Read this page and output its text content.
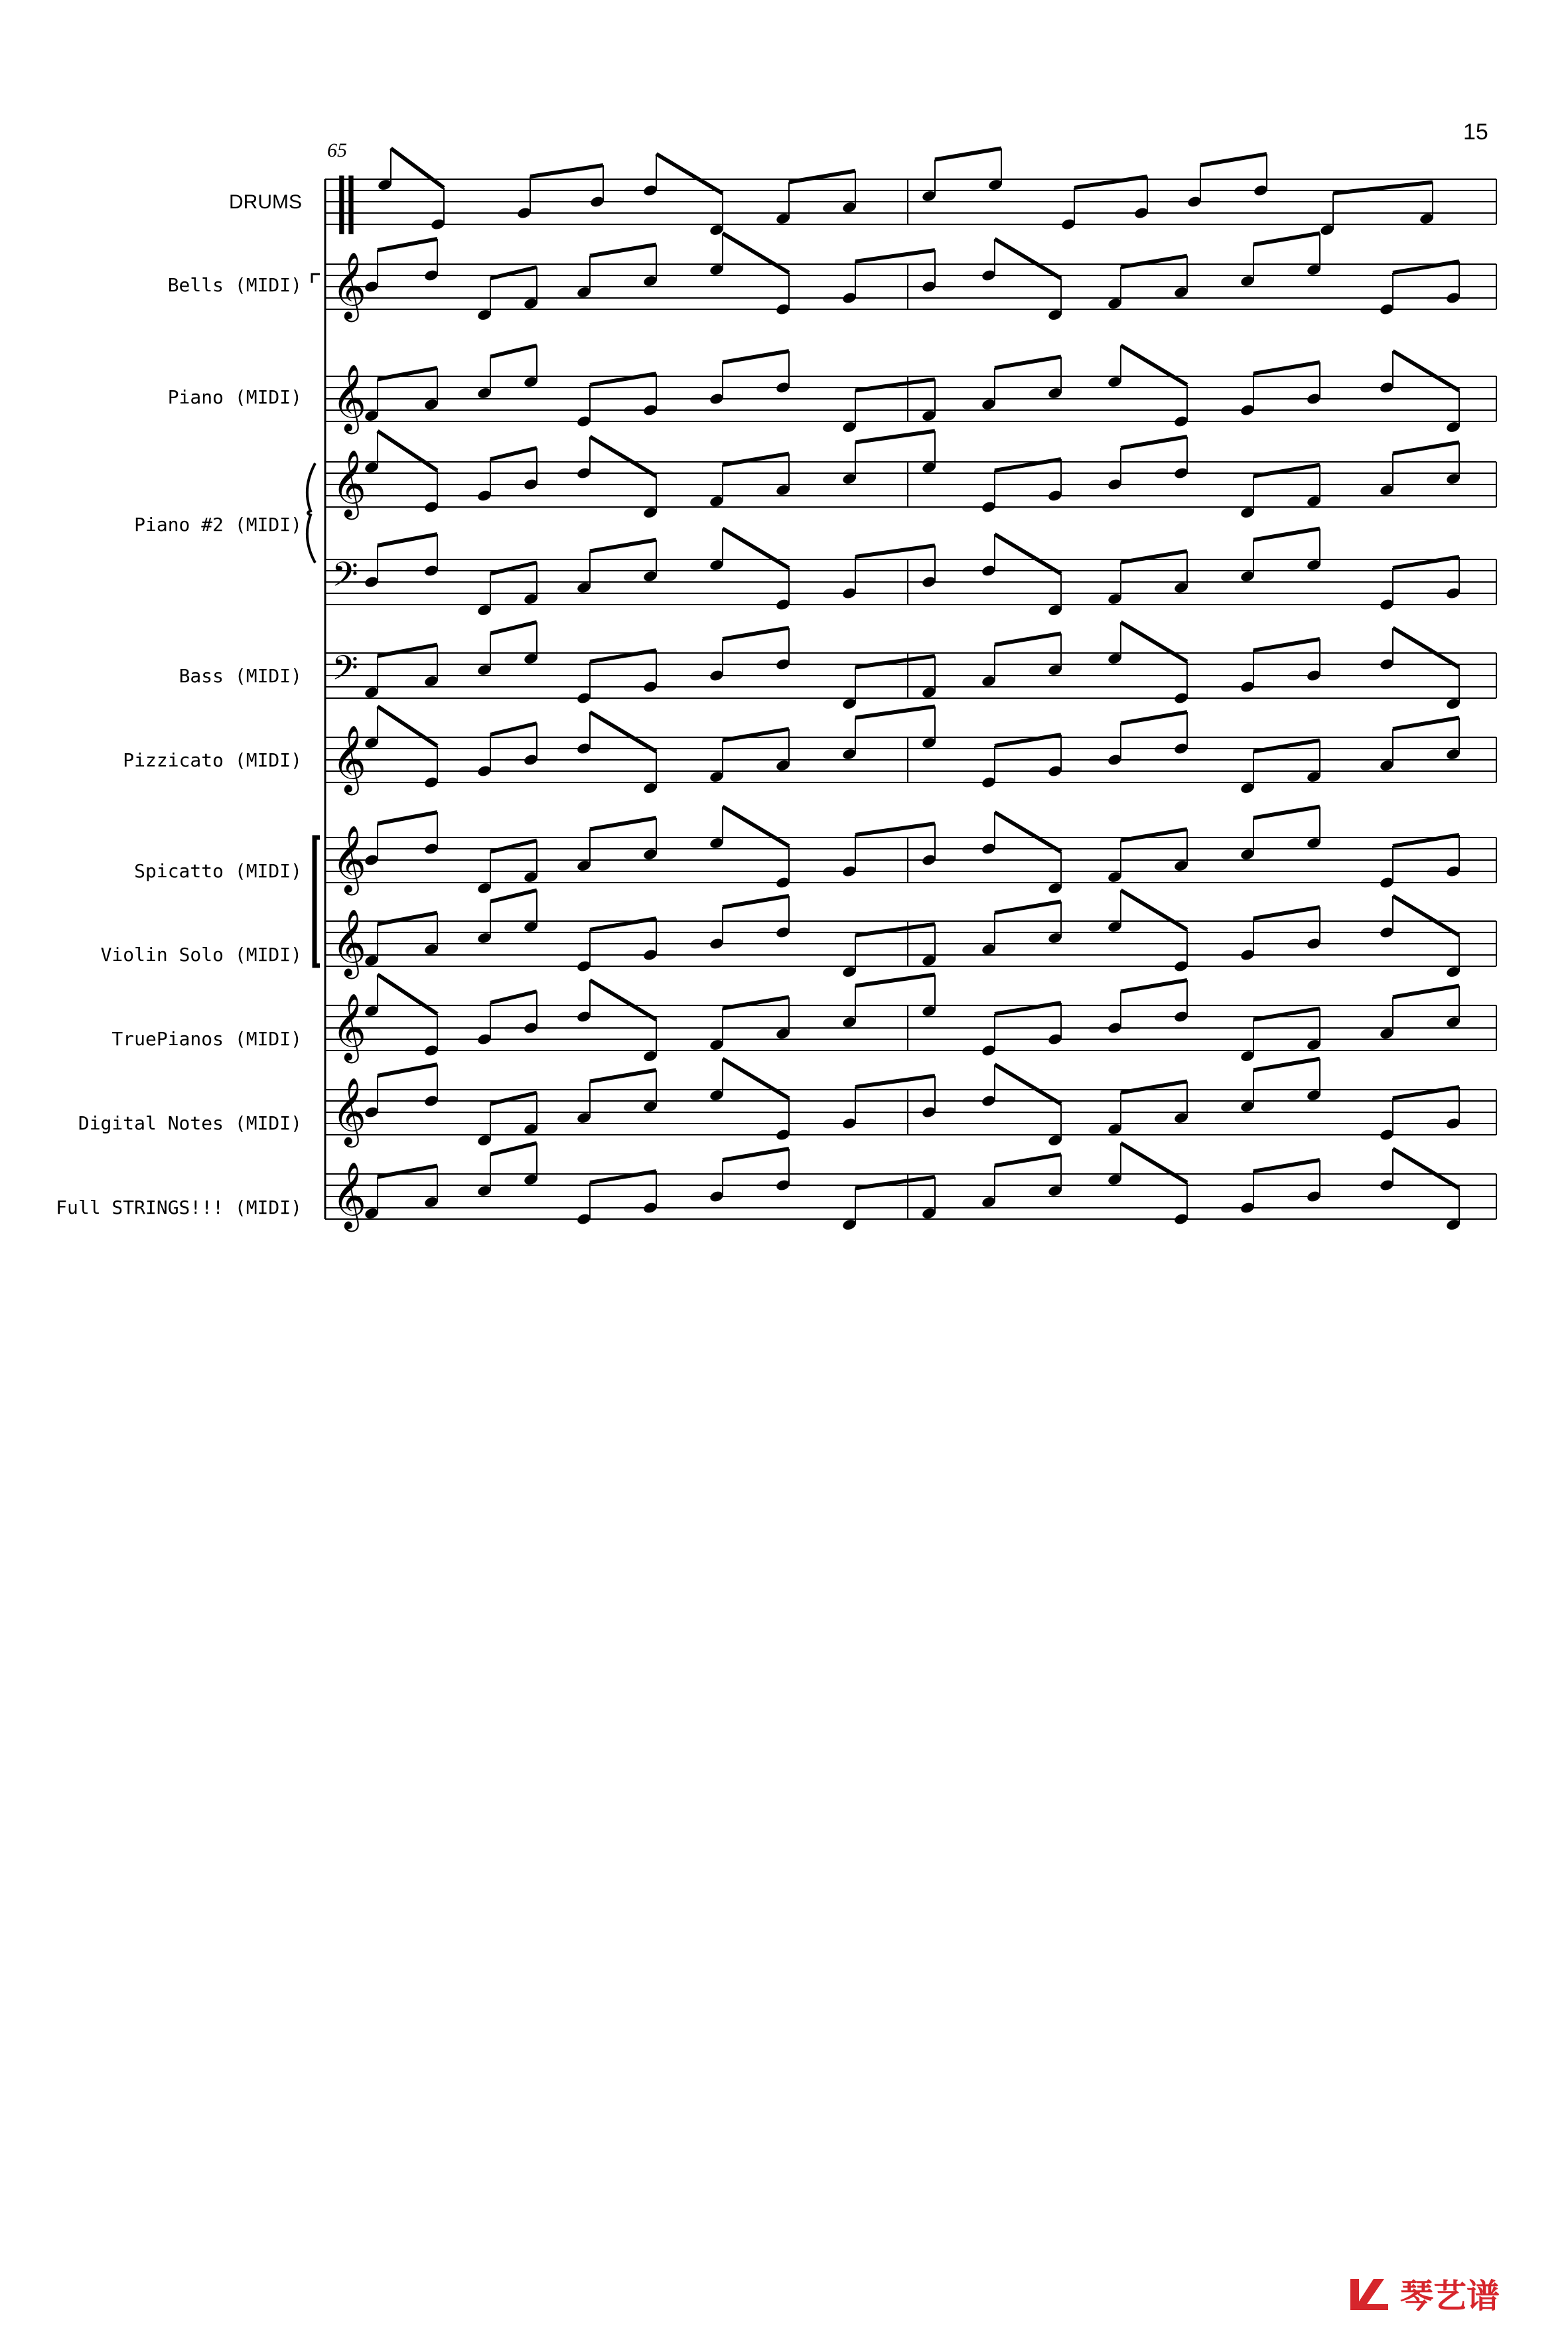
‖
𝄞
𝄞
𝄞
𝄢
𝄢
𝄞
𝄞
𝄞
𝄞
𝄞
𝄞
15
65
DRUMS
Bells (MIDI)
Piano (MIDI)
Piano #2 (MIDI)
Bass (MIDI)
Pizzicato (MIDI)
Spicatto (MIDI)
Violin Solo (MIDI)
TruePianos (MIDI)
Digital Notes (MIDI)
Full STRINGS!!! (MIDI)
琴艺谱
